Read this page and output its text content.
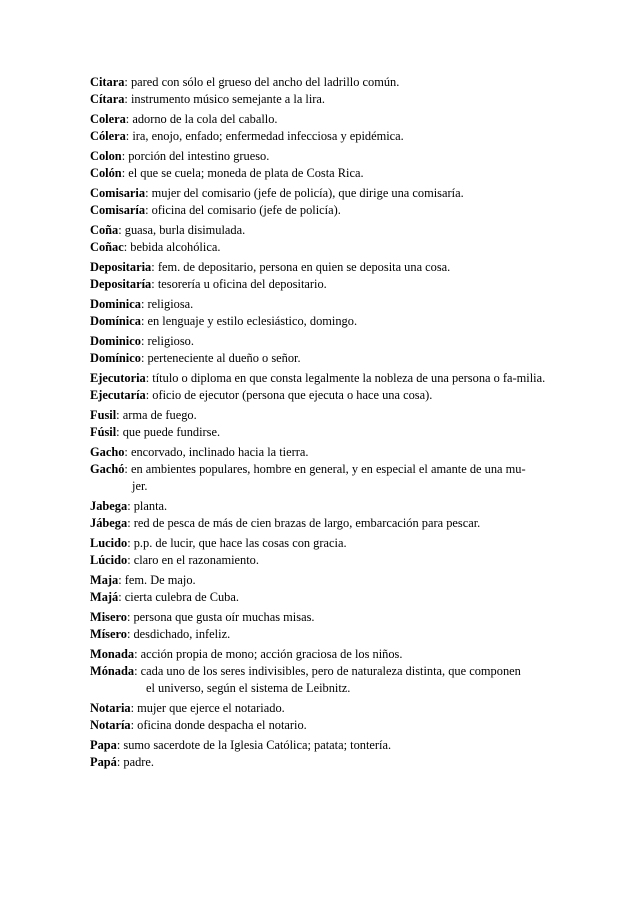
Citara: pared con sólo el grueso del ancho del ladrillo común.

Cítara: instrumento músico semejante a la lira.

Colera: adorno de la cola del caballo.

Cólera: ira, enojo, enfado; enfermedad infecciosa y epidémica.

Colon: porción del intestino grueso.

Colón: el que se cuela; moneda de plata de Costa Rica.

Comisaria: mujer del comisario (jefe de policía), que dirige una comisaría.

Comisaría: oficina del comisario (jefe de policía).

Coña: guasa, burla disimulada.

Coñac: bebida alcohólica.

Depositaria: fem. de depositario, persona en quien se deposita una cosa.

Depositaría: tesorería u oficina del depositario.

Dominica: religiosa.

Domínica: en lenguaje y estilo eclesiástico, domingo.

Dominico: religioso.

Domínico: perteneciente al dueño o señor.

Ejecutoria: título o diploma en que consta legalmente la nobleza de una persona o fa-milia.

Ejecutaría: oficio de ejecutor (persona que ejecuta o hace una cosa).

Fusil: arma de fuego.

Fúsil: que puede fundirse.

Gacho: encorvado, inclinado hacia la tierra.

Gachó: en ambientes populares, hombre en general, y en especial el amante de una mu-
jer.

Jabega: planta.

Jábega: red de pesca de más de cien brazas de largo, embarcación para pescar.

Lucido: p.p. de lucir, que hace las cosas con gracia.

Lúcido: claro en el razonamiento.

Maja: fem. De majo.

Majá: cierta culebra de Cuba.

Misero: persona que gusta oír muchas misas.

Mísero: desdichado, infeliz.

Monada: acción propia de mono; acción graciosa de los niños.

Mónada: cada uno de los seres indivisibles, pero de naturaleza distinta, que componen
el universo, según el sistema de Leibnitz.

Notaria: mujer que ejerce el notariado.

Notaría: oficina donde despacha el notario.

Papa: sumo sacerdote de la Iglesia Católica; patata; tontería.

Papá: padre.
